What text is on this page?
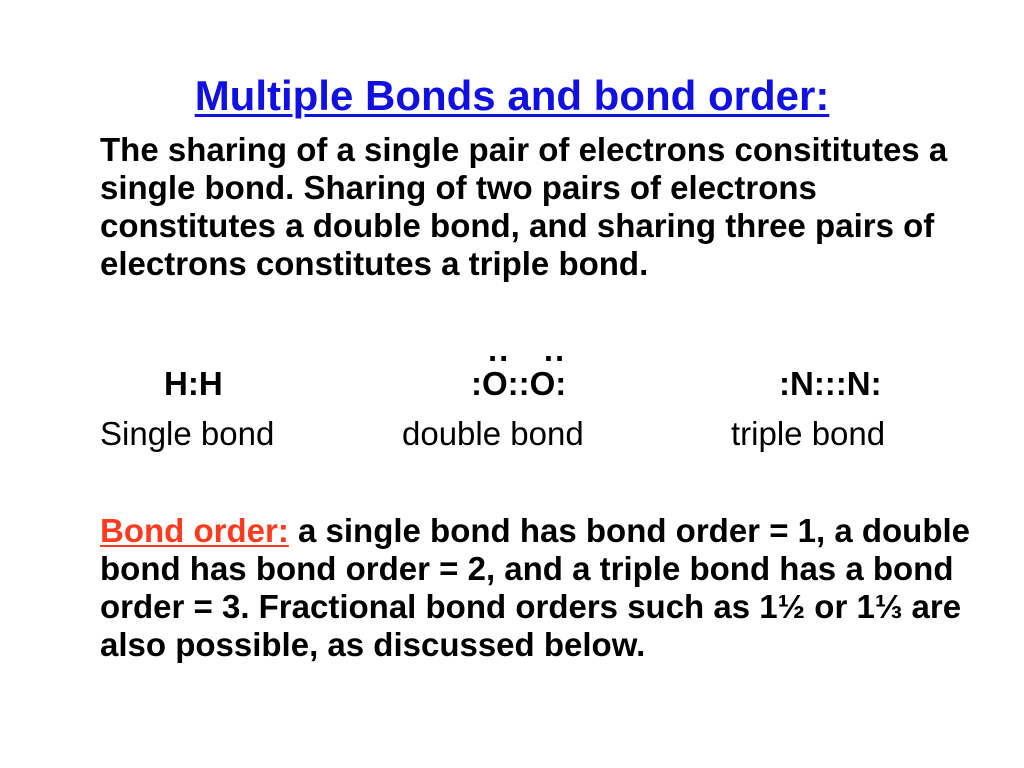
Multiple Bonds and bond order:

The sharing of a single pair of electrons consititutes a single bond. Sharing of two pairs of electrons constitutes a double bond, and sharing three pairs of electrons constitutes a triple bond.

..   ..
H:H	:O::O:	:N:::N:
Single bond	double bond	triple bond

Bond order: a single bond has bond order = 1, a double bond has bond order = 2, and a triple bond has a bond order = 3. Fractional bond orders such as 1½ or 1⅓ are also possible, as discussed below.
